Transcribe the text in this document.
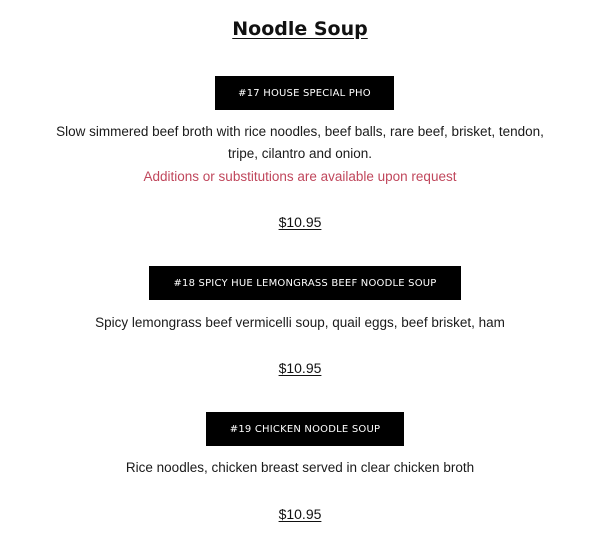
Noodle Soup
#17 HOUSE SPECIAL PHO
Slow simmered beef broth with rice noodles, beef balls, rare beef, brisket, tendon, tripe, cilantro and onion.
Additions or substitutions are available upon request
$10.95
#18 SPICY HUE LEMONGRASS BEEF NOODLE SOUP
Spicy lemongrass beef vermicelli soup, quail eggs, beef brisket, ham
$10.95
#19 CHICKEN NOODLE SOUP
Rice noodles, chicken breast served in clear chicken broth
$10.95
